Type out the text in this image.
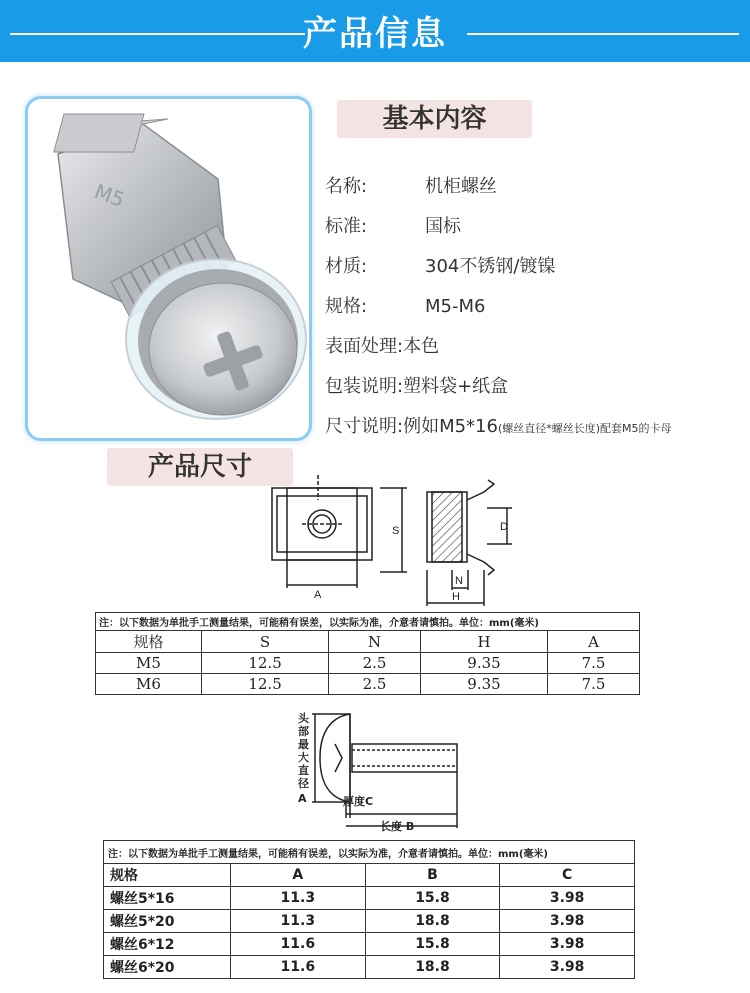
产品信息
M5
基本内容
名称:	机柜螺丝
标准:	国标
材质:	304不锈钢/镀镍
规格:	M5-M6
表面处理:本色
包装说明:塑料袋+纸盒
尺寸说明:例如M5*16(螺丝直径*螺丝长度)配套M5的卡母
产品尺寸
A
S	D
N
H
注：以下数据为单批手工测量结果，可能稍有误差，以实际为准，介意者请慎拍。单位：mm(毫米)				
规格	S	N	H	A
M5	12.5	2.5	9.35	7.5
M6	12.5	2.5	9.35	7.5
头部最大直径
A	厚度C
长度 B
注：以下数据为单批手工测量结果，可能稍有误差，以实际为准，介意者请慎拍。单位：mm(毫米)			
规格	A	B	C
螺丝5*16	11.3	15.8	3.98
螺丝5*20	11.3	18.8	3.98
螺丝6*12	11.6	15.8	3.98
螺丝6*20	11.6	18.8	3.98
